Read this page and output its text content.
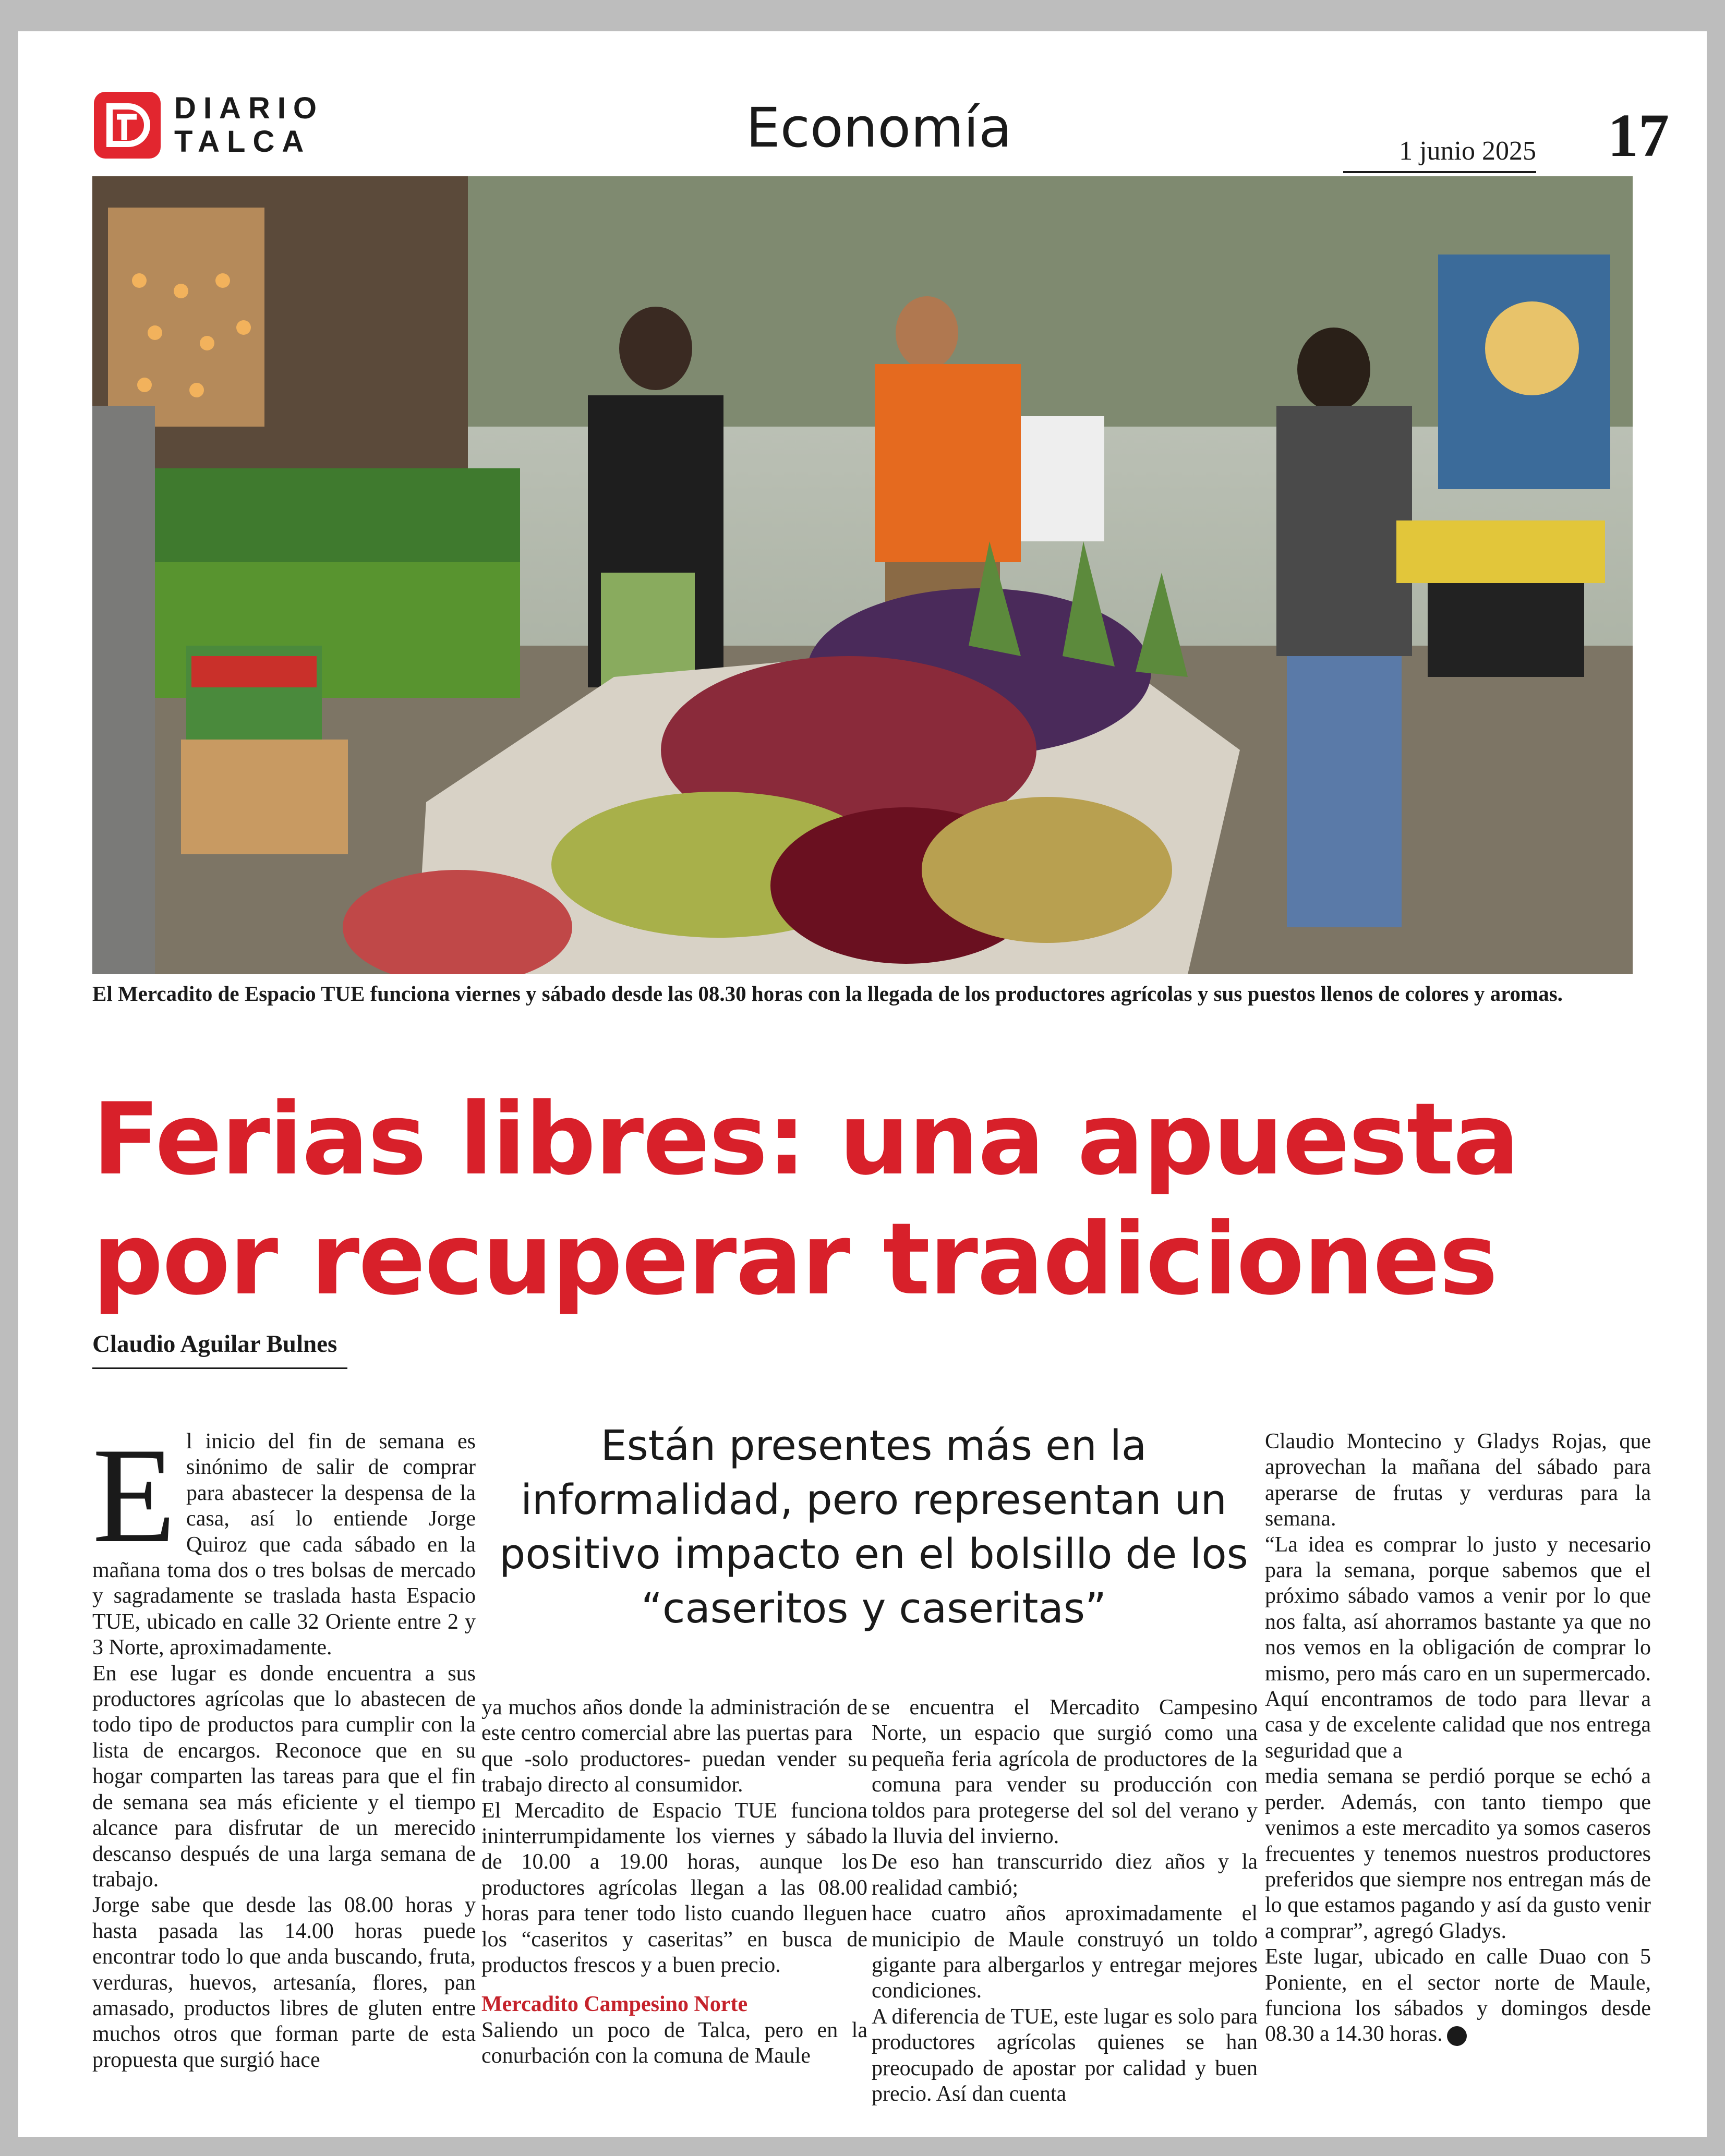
DIARIO
TALCA	Economía	1 junio 2025	17
El Mercadito de Espacio TUE funciona viernes y sábado desde las 08.30 horas con la llegada de los productores agrícolas y sus puestos llenos de colores y aromas.
Ferias libres: una apuesta por recuperar tradiciones
Claudio Aguilar Bulnes
Están presentes más en la informalidad, pero representan un positivo impacto en el bolsillo de los “caseritos y caseritas”

El inicio del fin de semana es sinónimo de salir de comprar para abastecer la despensa de la casa, así lo entiende Jorge Quiroz que cada sábado en la mañana toma dos o tres bolsas de mercado y sagradamente se traslada hasta Espacio TUE, ubicado en calle 32 Oriente entre 2 y 3 Norte, aproximadamente.

En ese lugar es donde encuentra a sus productores agrícolas que lo abastecen de todo tipo de productos para cumplir con la lista de encargos. Reconoce que en su hogar comparten las tareas para que el fin de semana sea más eficiente y el tiempo alcance para disfrutar de un merecido descanso después de una larga semana de trabajo.

Jorge sabe que desde las 08.00 horas y hasta pasada las 14.00 horas puede encontrar todo lo que anda buscando, fruta, verduras, huevos, artesanía, flores, pan amasado, productos libres de gluten entre muchos otros que forman parte de esta propuesta que surgió hace

ya muchos años donde la administración de este centro comercial abre las puertas para

que -solo productores- puedan vender su trabajo directo al consumidor.

El Mercadito de Espacio TUE funciona ininterrumpidamente los viernes y sábado de 10.00 a 19.00 horas, aunque los productores agrícolas llegan a las 08.00 horas para tener todo listo cuando lleguen los “caseritos y caseritas” en busca de productos frescos y a buen precio.

Mercadito Campesino Norte

Saliendo un poco de Talca, pero en la conurbación con la comuna de Maule

se encuentra el Mercadito Campesino Norte, un espacio que surgió como una pequeña feria agrícola de productores de la comuna para vender su producción con toldos para protegerse del sol del verano y la lluvia del invierno.

De eso han transcurrido diez años y la realidad cambió;

hace cuatro años aproximadamente el municipio de Maule construyó un toldo gigante para albergarlos y entregar mejores condiciones.

A diferencia de TUE, este lugar es solo para productores agrícolas quienes se han preocupado de apostar por calidad y buen precio. Así dan cuenta

Claudio Montecino y Gladys Rojas, que aprovechan la mañana del sábado para aperarse de frutas y verduras para la semana.

“La idea es comprar lo justo y necesario para la semana, porque sabemos que el próximo sábado vamos a venir por lo que nos falta, así ahorramos bastante ya que no nos vemos en la obligación de comprar lo mismo, pero más caro en un supermercado. Aquí encontramos de todo para llevar a casa y de excelente calidad que nos entrega seguridad que a

media semana se perdió porque se echó a perder. Además, con tanto tiempo que venimos a este mercadito ya somos caseros frecuentes y tenemos nuestros productores preferidos que siempre nos entregan más de lo que estamos pagando y así da gusto venir a comprar”, agregó Gladys.

Este lugar, ubicado en calle Duao con 5 Poniente, en el sector norte de Maule, funciona los sábados y domingos desde 08.30 a 14.30 horas.
